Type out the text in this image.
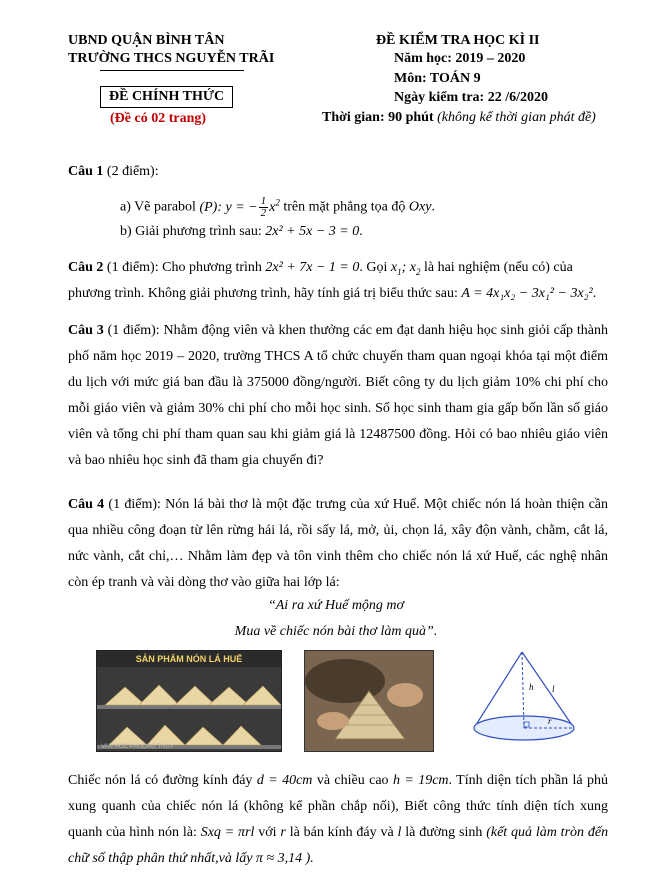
UBND QUẬN BÌNH TÂN
TRƯỜNG THCS NGUYỄN TRÃI
ĐỀ CHÍNH THỨC
(Đề có 02 trang)
ĐỀ KIỂM TRA HỌC KÌ II
Năm học: 2019 – 2020
Môn: TOÁN 9
Ngày kiểm tra: 22 /6/2020
Thời gian: 90 phút (không kể thời gian phát đề)
Câu 1 (2 điểm):
a) Vẽ parabol (P): y = − $\frac{1}{2} x^2$ trên mặt phẳng tọa độ Oxy.
b) Giải phương trình sau: 2x² + 5x − 3 = 0.
Câu 2 (1 điểm): Cho phương trình 2x² + 7x − 1 = 0. Gọi $x_1$; $x_2$ là hai nghiệm (nếu có) của
phương trình. Không giải phương trình, hãy tính giá trị biểu thức sau: A = 4x₁x₂ − 3x₁² − 3x₂².
Câu 3 (1 điểm): Nhằm động viên và khen thưởng các em đạt danh hiệu học sinh giỏi cấp thành phố năm học 2019 – 2020, trường THCS A tổ chức chuyến tham quan ngoại khóa tại một điểm du lịch với mức giá ban đầu là 375000 đồng/người. Biết công ty du lịch giảm 10% chi phí cho mỗi giáo viên và giảm 30% chi phí cho mỗi học sinh. Số học sinh tham gia gấp bốn lần số giáo viên và tổng chi phí tham quan sau khi giảm giá là 12487500 đồng. Hỏi có bao nhiêu giáo viên và bao nhiêu học sinh đã tham gia chuyến đi?
Câu 4 (1 điểm): Nón lá bài thơ là một đặc trưng của xứ Huế. Một chiếc nón lá hoàn thiện cần qua nhiều công đoạn từ lên rừng hái lá, rồi sấy lá, mở, ủi, chọn lá, xây độn vành, chằm, cắt lá, nức vành, cắt chỉ,… Nhằm làm đẹp và tôn vinh thêm cho chiếc nón lá xứ Huế, các nghệ nhân còn ép tranh và vài dòng thơ vào giữa hai lớp lá:
“Ai ra xứ Huế mộng mơ
Mua về chiếc nón bài thơ làm quà”.
SẢN PHẨM NÓN LÁ HUẾ
VAN HOC PHUONG THUY
h l
r
Chiếc nón lá có đường kính đáy d = 40cm và chiều cao h = 19cm. Tính diện tích phần lá phủ xung quanh của chiếc nón lá (không kể phần chắp nối), Biết công thức tính diện tích xung quanh của hình nón là: Sxq = πrl với r là bán kính đáy và l là đường sinh (kết quả làm tròn đến chữ số thập phân thứ nhất,và lấy π ≈ 3,14 ).
